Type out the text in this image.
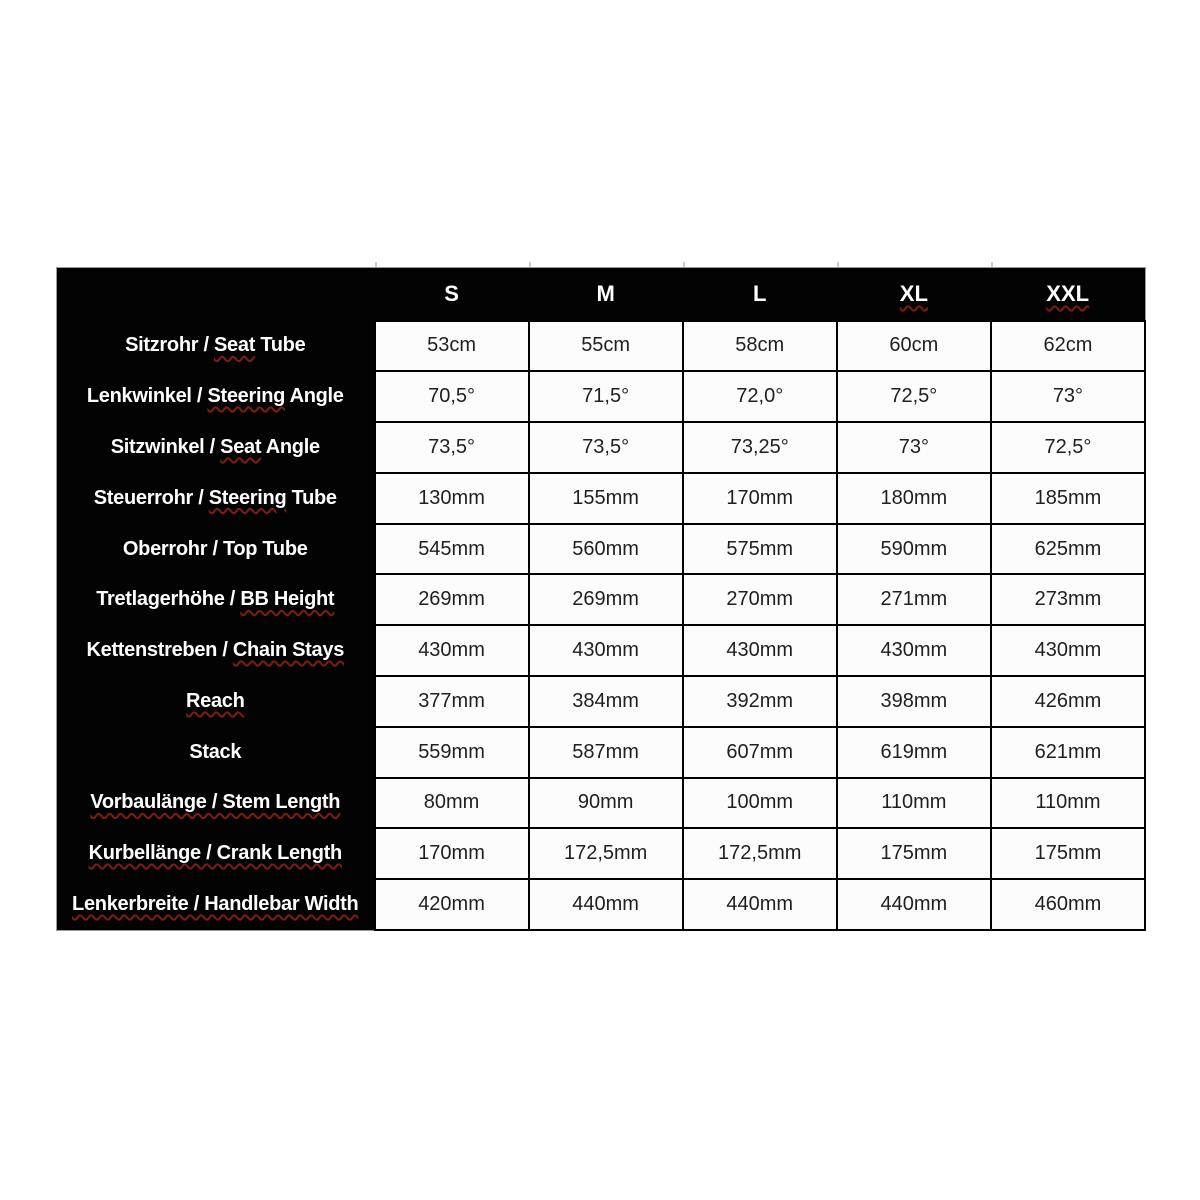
	S	M	L	XL	XXL
Sitzrohr / Seat Tube	53cm	55cm	58cm	60cm	62cm
Lenkwinkel / Steering Angle	70,5°	71,5°	72,0°	72,5°	73°
Sitzwinkel / Seat Angle	73,5°	73,5°	73,25°	73°	72,5°
Steuerrohr / Steering Tube	130mm	155mm	170mm	180mm	185mm
Oberrohr / Top Tube	545mm	560mm	575mm	590mm	625mm
Tretlagerhöhe / BB Height	269mm	269mm	270mm	271mm	273mm
Kettenstreben / Chain Stays	430mm	430mm	430mm	430mm	430mm
Reach	377mm	384mm	392mm	398mm	426mm
Stack	559mm	587mm	607mm	619mm	621mm
Vorbaulänge / Stem Length	80mm	90mm	100mm	110mm	110mm
Kurbellänge / Crank Length	170mm	172,5mm	172,5mm	175mm	175mm
Lenkerbreite / Handlebar Width	420mm	440mm	440mm	440mm	460mm
